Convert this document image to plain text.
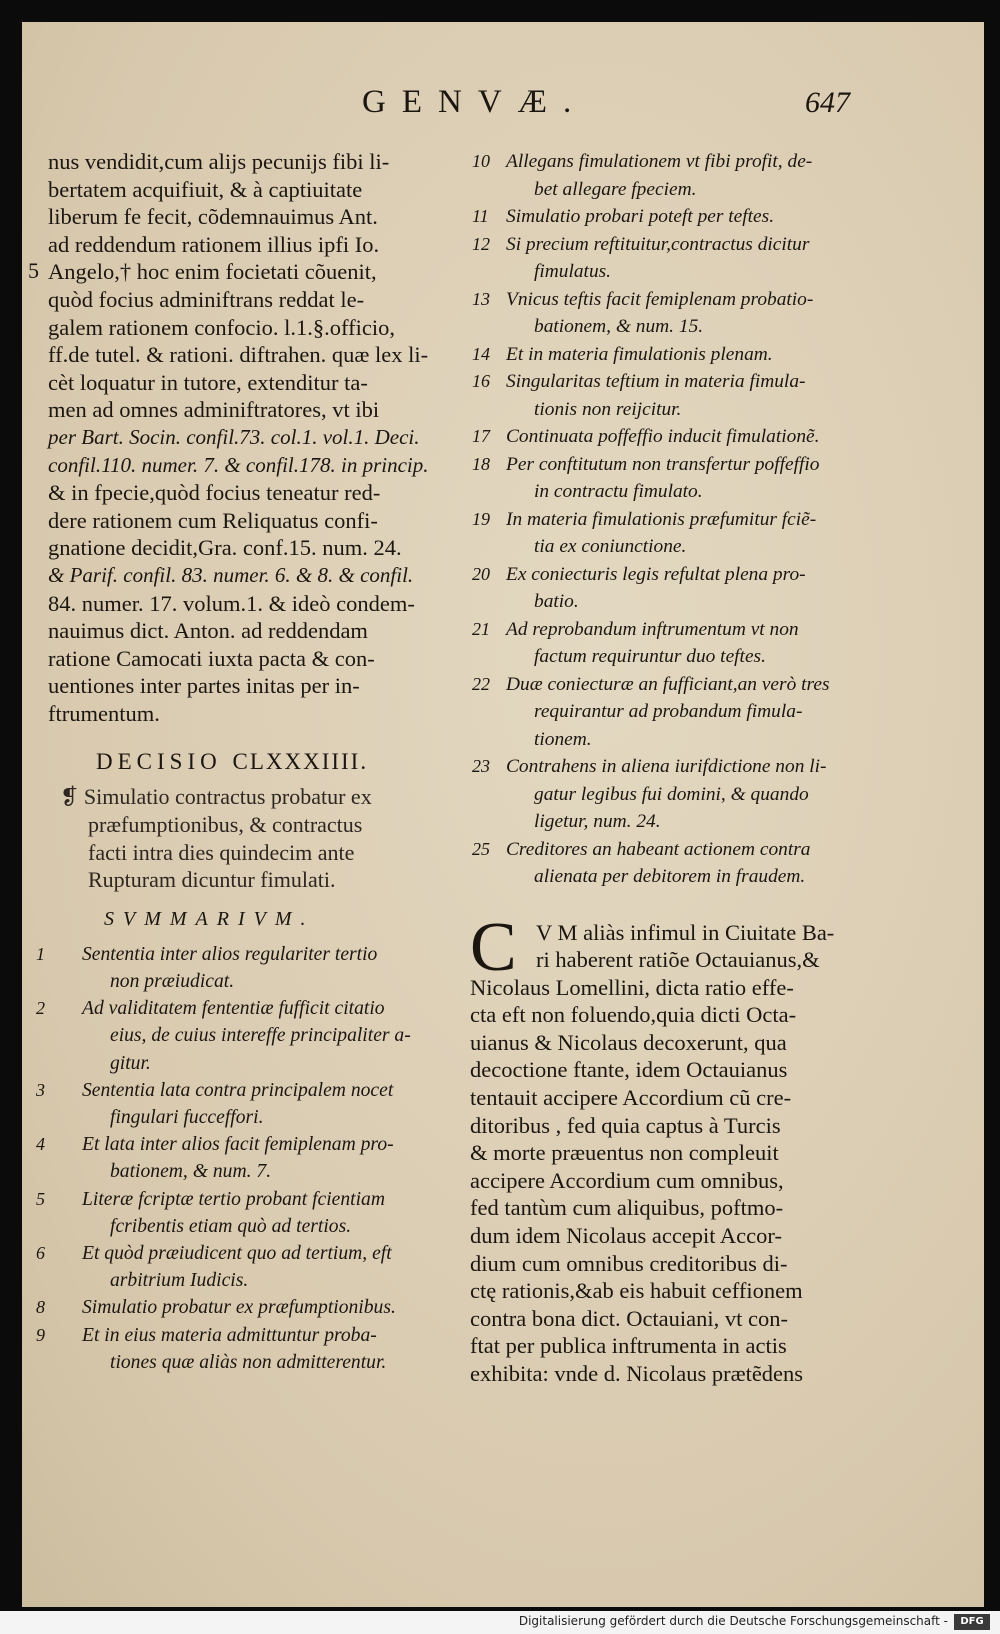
GENVÆ.	647
5

nus vendidit,cum alijs pecunijs fibi li-

bertatem acquifiuit, & à captiuitate

liberum fe fecit, cõdemnauimus Ant.

ad reddendum rationem illius ipfi Io.

Angelo,† hoc enim focietati cõuenit,

quòd focius adminiftrans reddat le-

galem rationem confocio. l.1.§.officio,

ff.de tutel. & rationi. diftrahen. quæ lex li-

cèt loquatur in tutore, extenditur ta-

men ad omnes adminiftratores, vt ibi

per Bart. Socin. confil.73. col.1. vol.1. Deci.

confil.110. numer. 7. & confil.178. in princip.

& in fpecie,quòd focius teneatur red-

dere rationem cum Reliquatus confi-

gnatione decidit,Gra. conf.15. num. 24.

& Parif. confil. 83. numer. 6. & 8. & confil.

84. numer. 17. volum.1. & ideò condem-

nauimus dict. Anton. ad reddendam

ratione Camocati iuxta pacta & con-

uentiones inter partes initas per in-

ftrumentum.

DECISIO CLXXXIIII.
❡ Simulatio contractus probatur ex
præfumptionibus, & contractus
facti intra dies quindecim ante
Rupturam dicuntur fimulati.
SVMMARIVM.
1	Sententia inter alios regulariter tertio
non præiudicat.
2	Ad validitatem fententiæ fufficit citatio
eius, de cuius intereffe principaliter a-
gitur.
3	Sententia lata contra principalem nocet
fingulari fucceffori.
4	Et lata inter alios facit femiplenam pro-
bationem, & num. 7.
5	Literæ fcriptæ tertio probant fcientiam
fcribentis etiam quò ad tertios.
6	Et quòd præiudicent quo ad tertium, eft
arbitrium Iudicis.
8	Simulatio probatur ex præfumptionibus.
9	Et in eius materia admittuntur proba-
tiones quæ aliàs non admitterentur.
10 Allegans fimulationem vt fibi profit, de-
bet allegare fpeciem.
11 Simulatio probari poteft per teftes.
12 Si precium reftituitur,contractus dicitur
fimulatus.
13 Vnicus teftis facit femiplenam probatio-
bationem, & num. 15.
14 Et in materia fimulationis plenam.
16 Singularitas teftium in materia fimula-
tionis non reijcitur.
17 Continuata poffeffio inducit fimulationẽ.
18 Per conftitutum non transfertur poffeffio
in contractu fimulato.
19 In materia fimulationis præfumitur fciẽ-
tia ex coniunctione.
20 Ex coniecturis legis refultat plena pro-
batio.
21 Ad reprobandum inftrumentum vt non
factum requiruntur duo teftes.
22 Duæ coniecturæ an fufficiant,an verò tres
requirantur ad probandum fimula-
tionem.
23 Contrahens in aliena iurifdictione non li-
gatur legibus fui domini, & quando
ligetur, num. 24.
25 Creditores an habeant actionem contra
alienata per debitorem in fraudem.
C V M aliàs infimul in Ciuitate Ba-

ri haberent ratiõe Octauianus,&

Nicolaus Lomellini, dicta ratio effe-

cta eft non foluendo,quia dicti Octa-

uianus & Nicolaus decoxerunt, qua

decoctione ftante, idem Octauianus

tentauit accipere Accordium cũ cre-

ditoribus , fed quia captus à Turcis

& morte præuentus non compleuit

accipere Accordium cum omnibus,

fed tantùm cum aliquibus, poftmo-

dum idem Nicolaus accepit Accor-

dium cum omnibus creditoribus di-

ctę rationis,&ab eis habuit ceffionem

contra bona dict. Octauiani, vt con-

ftat per publica inftrumenta in actis

exhibita: vnde d. Nicolaus prætẽdens

Digitalisierung gefördert durch die Deutsche Forschungsgemeinschaft -	DFG
